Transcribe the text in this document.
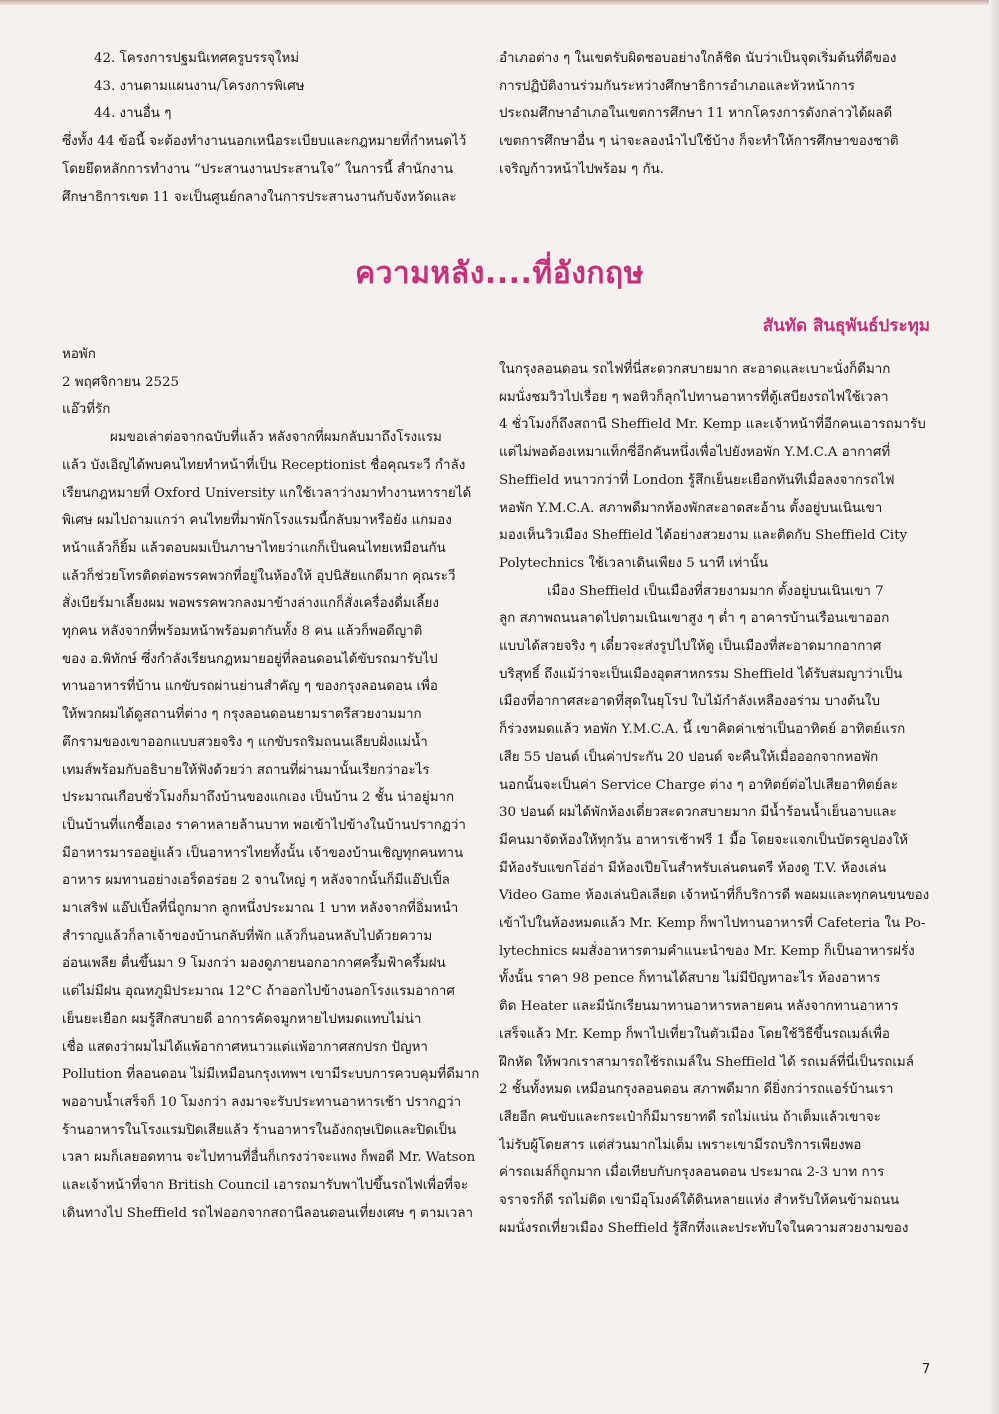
42. โครงการปฐมนิเทศครูบรรจุใหม่
43. งานตามแผนงาน/โครงการพิเศษ
44. งานอื่น ๆ
ซึ่งทั้ง 44 ข้อนี้ จะต้องทำงานนอกเหนือระเบียบและกฎหมายที่กำหนดไว้
โดยยึดหลักการทำงาน “ประสานงานประสานใจ” ในการนี้ สำนักงาน
ศึกษาธิการเขต 11 จะเป็นศูนย์กลางในการประสานงานกับจังหวัดและ
อำเภอต่าง ๆ ในเขตรับผิดชอบอย่างใกล้ชิด นับว่าเป็นจุดเริ่มต้นที่ดีของ
การปฏิบัติงานร่วมกันระหว่างศึกษาธิการอำเภอและหัวหน้าการ
ประถมศึกษาอำเภอในเขตการศึกษา 11 หากโครงการดังกล่าวได้ผลดี
เขตการศึกษาอื่น ๆ น่าจะลองนำไปใช้บ้าง ก็จะทำให้การศึกษาของชาติ
เจริญก้าวหน้าไปพร้อม ๆ กัน.
ความหลัง....ที่อังกฤษ
สันทัด สินธุพันธ์ประทุม
หอพัก
2 พฤศจิกายน 2525
แอ๊วที่รัก
ผมขอเล่าต่อจากฉบับที่แล้ว หลังจากที่ผมกลับมาถึงโรงแรม
แล้ว บังเอิญได้พบคนไทยทำหน้าที่เป็น Receptionist ชื่อคุณระวี กำลัง
เรียนกฎหมายที่ Oxford University แกใช้เวลาว่างมาทำงานหารายได้
พิเศษ ผมไปถามแกว่า คนไทยที่มาพักโรงแรมนี้กลับมาหรือยัง แกมอง
หน้าแล้วก็ยิ้ม แล้วตอบผมเป็นภาษาไทยว่าแกก็เป็นคนไทยเหมือนกัน
แล้วก็ช่วยโทรติดต่อพรรคพวกที่อยู่ในห้องให้ อุปนิสัยแกดีมาก คุณระวี
สั่งเบียร์มาเลี้ยงผม พอพรรคพวกลงมาข้างล่างแกก็สั่งเครื่องดื่มเลี้ยง
ทุกคน หลังจากที่พร้อมหน้าพร้อมตากันทั้ง 8 คน แล้วก็พอดีญาติ
ของ อ.พิทักษ์ ซึ่งกำลังเรียนกฎหมายอยู่ที่ลอนดอนได้ขับรถมารับไป
ทานอาหารที่บ้าน แกขับรถผ่านย่านสำคัญ ๆ ของกรุงลอนดอน เพื่อ
ให้พวกผมได้ดูสถานที่ต่าง ๆ กรุงลอนดอนยามราตรีสวยงามมาก
ตึกรามของเขาออกแบบสวยจริง ๆ แกขับรถริมถนนเลียบฝั่งแม่น้ำ
เทมส์พร้อมกับอธิบายให้ฟังด้วยว่า สถานที่ผ่านมานั้นเรียกว่าอะไร
ประมาณเกือบชั่วโมงก็มาถึงบ้านของแกเอง เป็นบ้าน 2 ชั้น น่าอยู่มาก
เป็นบ้านที่แกซื้อเอง ราคาหลายล้านบาท พอเข้าไปข้างในบ้านปรากฏว่า
มีอาหารมารออยู่แล้ว เป็นอาหารไทยทั้งนั้น เจ้าของบ้านเชิญทุกคนทาน
อาหาร ผมทานอย่างเอร็ดอร่อย 2 จานใหญ่ ๆ หลังจากนั้นก็มีแอ๊ปเปิ้ล
มาเสริฟ แอ๊ปเปิ้ลที่นี่ถูกมาก ลูกหนึ่งประมาณ 1 บาท หลังจากที่อิ่มหนำ
สำราญแล้วก็ลาเจ้าของบ้านกลับที่พัก แล้วก็นอนหลับไปด้วยความ
อ่อนเพลีย ตื่นขึ้นมา 9 โมงกว่า มองดูภายนอกอากาศครึ้มฟ้าครึ้มฝน
แต่ไม่มีฝน อุณหภูมิประมาณ 12°C ถ้าออกไปข้างนอกโรงแรมอากาศ
เย็นยะเยือก ผมรู้สึกสบายดี อาการคัดจมูกหายไปหมดแทบไม่น่า
เชื่อ แสดงว่าผมไม่ได้แพ้อากาศหนาวแต่แพ้อากาศสกปรก ปัญหา
Pollution ที่ลอนดอน ไม่มีเหมือนกรุงเทพฯ เขามีระบบการควบคุมที่ดีมาก
พออาบน้ำเสร็จก็ 10 โมงกว่า ลงมาจะรับประทานอาหารเช้า ปรากฏว่า
ร้านอาหารในโรงแรมปิดเสียแล้ว ร้านอาหารในอังกฤษเปิดและปิดเป็น
เวลา ผมก็เลยอดทาน จะไปทานที่อื่นก็เกรงว่าจะแพง ก็พอดี Mr. Watson
และเจ้าหน้าที่จาก British Council เอารถมารับพาไปขึ้นรถไฟเพื่อที่จะ
เดินทางไป Sheffield รถไฟออกจากสถานีลอนดอนเที่ยงเศษ ๆ ตามเวลา
ในกรุงลอนดอน รถไฟที่นี่สะดวกสบายมาก สะอาดและเบาะนั่งก็ดีมาก
ผมนั่งชมวิวไปเรื่อย ๆ พอหิวก็ลุกไปทานอาหารที่ตู้เสบียงรถไฟใช้เวลา
4 ชั่วโมงก็ถึงสถานี Sheffield Mr. Kemp และเจ้าหน้าที่อีกคนเอารถมารับ
แต่ไม่พอต้องเหมาแท็กซี่อีกคันหนึ่งเพื่อไปยังหอพัก Y.M.C.A อากาศที่
Sheffield หนาวกว่าที่ London รู้สึกเย็นยะเยือกทันทีเมื่อลงจากรถไฟ
หอพัก Y.M.C.A. สภาพดีมากห้องพักสะอาดสะอ้าน ตั้งอยู่บนเนินเขา
มองเห็นวิวเมือง Sheffield ได้อย่างสวยงาม และติดกับ Sheffield City
Polytechnics ใช้เวลาเดินเพียง 5 นาที เท่านั้น
เมือง Sheffield เป็นเมืองที่สวยงามมาก ตั้งอยู่บนเนินเขา 7
ลูก สภาพถนนลาดไปตามเนินเขาสูง ๆ ต่ำ ๆ อาคารบ้านเรือนเขาออก
แบบได้สวยจริง ๆ เดี๋ยวจะส่งรูปไปให้ดู เป็นเมืองที่สะอาดมากอากาศ
บริสุทธิ์ ถึงแม้ว่าจะเป็นเมืองอุตสาหกรรม Sheffield ได้รับสมญาว่าเป็น
เมืองที่อากาศสะอาดที่สุดในยุโรป ใบไม้กำลังเหลืองอร่าม บางต้นใบ
ก็ร่วงหมดแล้ว หอพัก Y.M.C.A. นี้ เขาคิดค่าเช่าเป็นอาทิตย์ อาทิตย์แรก
เสีย 55 ปอนด์ เป็นค่าประกัน 20 ปอนด์ จะคืนให้เมื่อออกจากหอพัก
นอกนั้นจะเป็นค่า Service Charge ต่าง ๆ อาทิตย์ต่อไปเสียอาทิตย์ละ
30 ปอนด์ ผมได้พักห้องเดี่ยวสะดวกสบายมาก มีน้ำร้อนน้ำเย็นอาบและ
มีคนมาจัดห้องให้ทุกวัน อาหารเช้าฟรี 1 มื้อ โดยจะแจกเป็นบัตรคูปองให้
มีห้องรับแขกโอ่อ่า มีห้องเปียโนสำหรับเล่นดนตรี ห้องดู T.V. ห้องเล่น
Video Game ห้องเล่นบิลเลียด เจ้าหน้าที่ก็บริการดี พอผมและทุกคนขนของ
เข้าไปในห้องหมดแล้ว Mr. Kemp ก็พาไปทานอาหารที่ Cafeteria ใน Po-
lytechnics ผมสั่งอาหารตามคำแนะนำของ Mr. Kemp ก็เป็นอาหารฝรั่ง
ทั้งนั้น ราคา 98 pence ก็ทานได้สบาย ไม่มีปัญหาอะไร ห้องอาหาร
ติด Heater และมีนักเรียนมาทานอาหารหลายคน หลังจากทานอาหาร
เสร็จแล้ว Mr. Kemp ก็พาไปเที่ยวในตัวเมือง โดยใช้วิธีขึ้นรถเมล์เพื่อ
ฝึกหัด ให้พวกเราสามารถใช้รถเมล์ใน Sheffield ได้ รถเมล์ที่นี่เป็นรถเมล์
2 ชั้นทั้งหมด เหมือนกรุงลอนดอน สภาพดีมาก ดียิ่งกว่ารถแอร์บ้านเรา
เสียอีก คนขับและกระเป๋าก็มีมารยาทดี รถไม่แน่น ถ้าเต็มแล้วเขาจะ
ไม่รับผู้โดยสาร แต่ส่วนมากไม่เต็ม เพราะเขามีรถบริการเพียงพอ
ค่ารถเมล์ก็ถูกมาก เมื่อเทียบกับกรุงลอนดอน ประมาณ 2-3 บาท การ
จราจรก็ดี รถไม่ติด เขามีอุโมงค์ใต้ดินหลายแห่ง สำหรับให้คนข้ามถนน
ผมนั่งรถเที่ยวเมือง Sheffield รู้สึกทึ่งและประทับใจในความสวยงามของ
7
